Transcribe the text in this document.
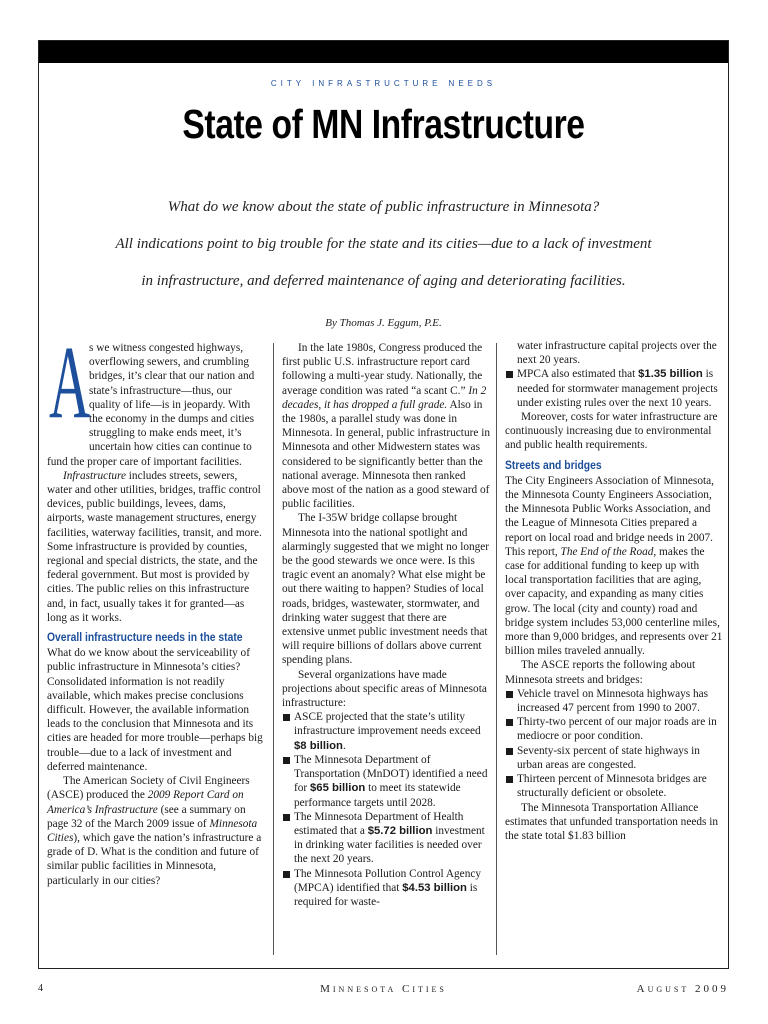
city infrastructure needs
State of MN Infrastructure
What do we know about the state of public infrastructure in Minnesota?
All indications point to big trouble for the state and its cities—due to a lack of investment
in infrastructure, and deferred maintenance of aging and deteriorating facilities.
By Thomas J. Eggum, P.E.
A

s we witness congested highways, overflowing sewers, and crumbling bridges, it’s clear that our nation and state’s infrastructure—thus, our quality of life—is in jeopardy. With the economy in the dumps and cities struggling to make ends meet, it’s uncertain how cities can continue to fund the proper care of important facilities.

Infrastructure includes streets, sewers, water and other utilities, bridges, traffic control devices, public buildings, levees, dams, airports, waste management structures, energy facilities, waterway facilities, transit, and more. Some infrastructure is provided by counties, regional and special districts, the state, and the federal government. But most is provided by cities. The public relies on this infrastructure and, in fact, usually takes it for granted—as long as it works.

Overall infrastructure needs in the state

What do we know about the serviceability of public infrastructure in Minnesota’s cities? Consolidated information is not readily available, which makes precise conclusions difficult. However, the available information leads to the conclusion that Minnesota and its cities are headed for more trouble—perhaps big trouble—due to a lack of investment and deferred maintenance.

The American Society of Civil Engineers (ASCE) produced the 2009 Report Card on America’s Infrastructure (see a summary on page 32 of the March 2009 issue of Minnesota Cities), which gave the nation’s infrastructure a grade of D. What is the condition and future of similar public facilities in Minnesota, particularly in our cities?

In the late 1980s, Congress produced the first public U.S. infrastructure report card following a multi-year study. Nationally, the average condition was rated “a scant C.” In 2 decades, it has dropped a full grade. Also in the 1980s, a parallel study was done in Minnesota. In general, public infrastructure in Minnesota and other Midwestern states was considered to be significantly better than the national average. Minnesota then ranked above most of the nation as a good steward of public facilities.

The I-35W bridge collapse brought Minnesota into the national spotlight and alarmingly suggested that we might no longer be the good stewards we once were. Is this tragic event an anomaly? What else might be out there waiting to happen? Studies of local roads, bridges, wastewater, stormwater, and drinking water suggest that there are extensive unmet public investment needs that will require billions of dollars above current spending plans.

Several organizations have made projections about specific areas of Minnesota infrastructure:

ASCE projected that the state’s utility infrastructure improvement needs exceed $8 billion.
The Minnesota Department of Transportation (MnDOT) identified a need for $65 billion to meet its statewide performance targets until 2028.
The Minnesota Department of Health estimated that a $5.72 billion investment in drinking water facilities is needed over the next 20 years.
The Minnesota Pollution Control Agency (MPCA) identified that $4.53 billion is required for waste-

water infrastructure capital projects over the next 20 years.

MPCA also estimated that $1.35 billion is needed for stormwater management projects under existing rules over the next 10 years.

Moreover, costs for water infrastructure are continuously increasing due to environmental and public health requirements.

Streets and bridges

The City Engineers Association of Minnesota, the Minnesota County Engineers Association, the Minnesota Public Works Association, and the League of Minnesota Cities prepared a report on local road and bridge needs in 2007. This report, The End of the Road, makes the case for additional funding to keep up with local transportation facilities that are aging, over capacity, and expanding as many cities grow. The local (city and county) road and bridge system includes 53,000 centerline miles, more than 9,000 bridges, and represents over 21 billion miles traveled annually.

The ASCE reports the following about Minnesota streets and bridges:

Vehicle travel on Minnesota highways has increased 47 percent from 1990 to 2007.
Thirty-two percent of our major roads are in mediocre or poor condition.
Seventy-six percent of state highways in urban areas are congested.
Thirteen percent of Minnesota bridges are structurally deficient or obsolete.

The Minnesota Transportation Alliance estimates that unfunded transportation needs in the state total $1.83 billion

4	Minnesota Cities	August 2009
